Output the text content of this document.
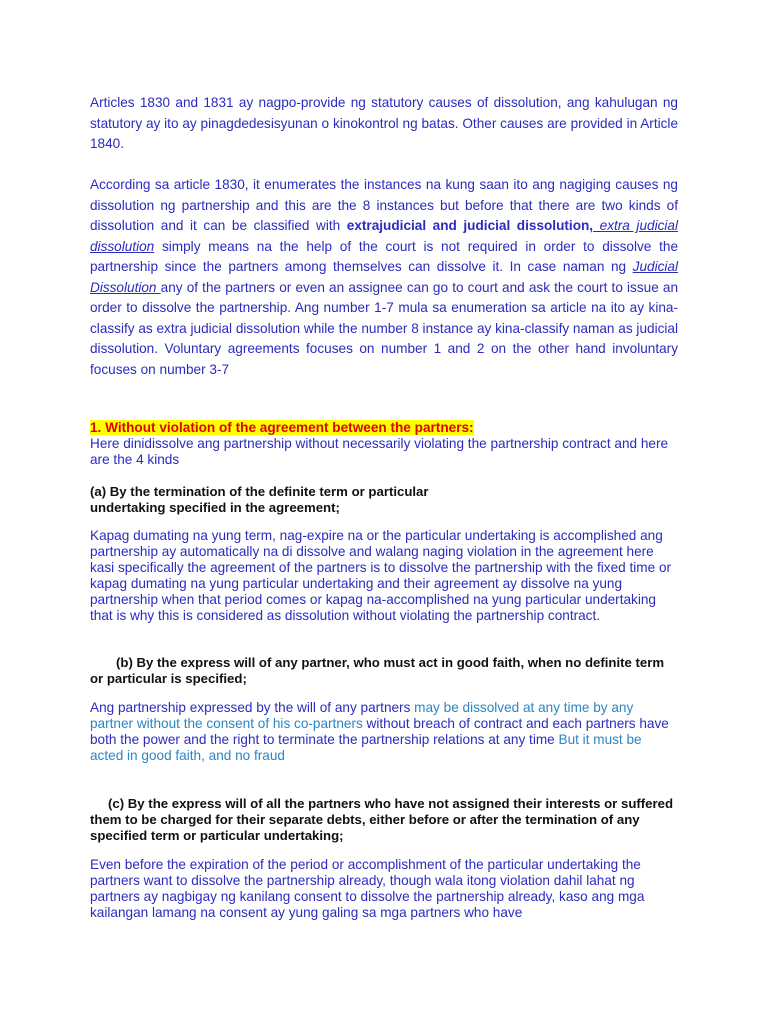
Articles 1830 and 1831 ay nagpo-provide ng statutory causes of dissolution, ang kahulugan ng statutory ay ito ay pinagdedesisyunan o kinokontrol ng batas. Other causes are provided in Article 1840.
According sa article 1830, it enumerates the instances na kung saan ito ang nagiging causes ng dissolution ng partnership and this are the 8 instances but before that there are two kinds of dissolution and it can be classified with extrajudicial and judicial dissolution, extra judicial dissolution simply means na the help of the court is not required in order to dissolve the partnership since the partners among themselves can dissolve it. In case naman ng Judicial Dissolution any of the partners or even an assignee can go to court and ask the court to issue an order to dissolve the partnership. Ang number 1-7 mula sa enumeration sa article na ito ay kina-classify as extra judicial dissolution while the number 8 instance ay kina-classify naman as judicial dissolution. Voluntary agreements focuses on number 1 and 2 on the other hand involuntary focuses on number 3-7
1. Without violation of the agreement between the partners:
Here dinidissolve ang partnership without necessarily violating the partnership contract and here are the 4 kinds
(a) By the termination of the definite term or particular
undertaking specified in the agreement;
Kapag dumating na yung term, nag-expire na or the particular undertaking is accomplished ang partnership ay automatically na di dissolve and walang naging violation in the agreement here kasi specifically the agreement of the partners is to dissolve the partnership with the fixed time or kapag dumating na yung particular undertaking and their agreement ay dissolve na yung partnership when that period comes or kapag na-accomplished na yung particular undertaking that is why this is considered as dissolution without violating the partnership contract.
(b) By the express will of any partner, who must act in good faith, when no definite term or particular is specified;
Ang partnership expressed by the will of any partners may be dissolved at any time by any partner without the consent of his co-partners without breach of contract and each partners have both the power and the right to terminate the partnership relations at any time But it must be acted in good faith, and no fraud
(c) By the express will of all the partners who have not assigned their interests or suffered them to be charged for their separate debts, either before or after the termination of any specified term or particular undertaking;
Even before the expiration of the period or accomplishment of the particular undertaking the partners want to dissolve the partnership already, though wala itong violation dahil lahat ng partners ay nagbigay ng kanilang consent to dissolve the partnership already, kaso ang mga kailangan lamang na consent ay yung galing sa mga partners who have
